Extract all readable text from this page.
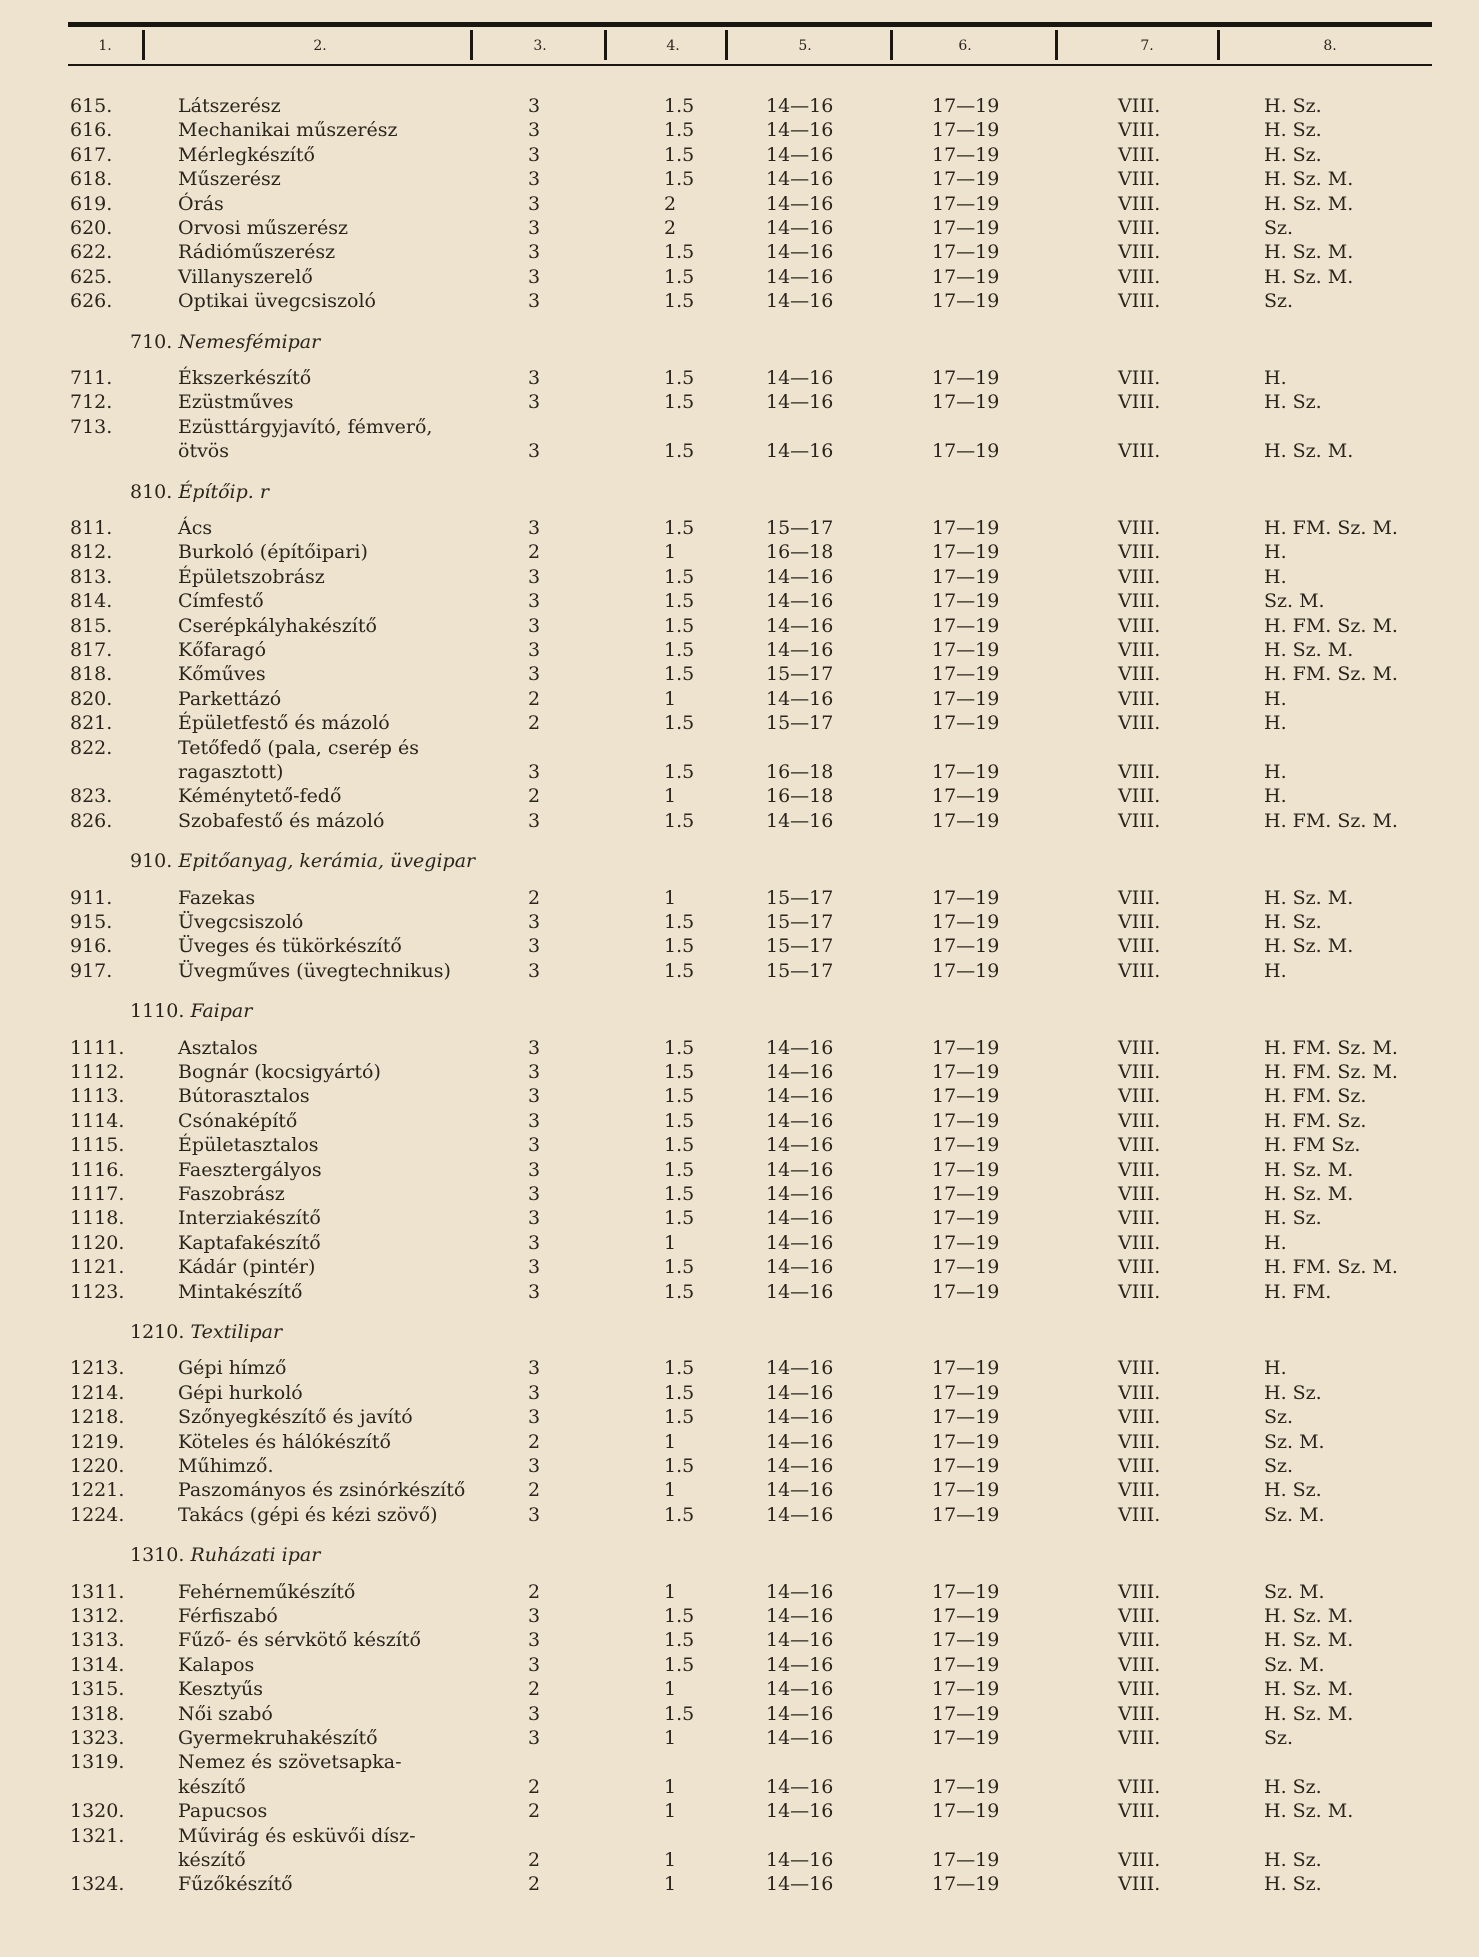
1.	2.	3.	4.	5.	6.	7.	8.
615.	Látszerész	3	1.5	14—16	17—19	VIII.	H. Sz.
616.	Mechanikai műszerész	3	1.5	14—16	17—19	VIII.	H. Sz.
617.	Mérlegkészítő	3	1.5	14—16	17—19	VIII.	H. Sz.
618.	Műszerész	3	1.5	14—16	17—19	VIII.	H. Sz. M.
619.	Órás	3	2	14—16	17—19	VIII.	H. Sz. M.
620.	Orvosi műszerész	3	2	14—16	17—19	VIII.	Sz.
622.	Rádióműszerész	3	1.5	14—16	17—19	VIII.	H. Sz. M.
625.	Villanyszerelő	3	1.5	14—16	17—19	VIII.	H. Sz. M.
626.	Optikai üvegcsiszoló	3	1.5	14—16	17—19	VIII.	Sz.
710. Nemesfémipar
711.	Ékszerkészítő	3	1.5	14—16	17—19	VIII.	H.
712.	Ezüstműves	3	1.5	14—16	17—19	VIII.	H. Sz.
713.	Ezüsttárgyjavító, fémverő,
ötvös	3	1.5	14—16	17—19	VIII.	H. Sz. M.
810. Építőip. r
811.	Ács	3	1.5	15—17	17—19	VIII.	H. FM. Sz. M.
812.	Burkoló (építőipari)	2	1	16—18	17—19	VIII.	H.
813.	Épületszobrász	3	1.5	14—16	17—19	VIII.	H.
814.	Címfestő	3	1.5	14—16	17—19	VIII.	Sz. M.
815.	Cserépkályhakészítő	3	1.5	14—16	17—19	VIII.	H. FM. Sz. M.
817.	Kőfaragó	3	1.5	14—16	17—19	VIII.	H. Sz. M.
818.	Kőműves	3	1.5	15—17	17—19	VIII.	H. FM. Sz. M.
820.	Parkettázó	2	1	14—16	17—19	VIII.	H.
821.	Épületfestő és mázoló	2	1.5	15—17	17—19	VIII.	H.
822.	Tetőfedő (pala, cserép és
ragasztott)	3	1.5	16—18	17—19	VIII.	H.
823.	Kéménytető-fedő	2	1	16—18	17—19	VIII.	H.
826.	Szobafestő és mázoló	3	1.5	14—16	17—19	VIII.	H. FM. Sz. M.
910. Epitőanyag, kerámia, üvegipar
911.	Fazekas	2	1	15—17	17—19	VIII.	H. Sz. M.
915.	Üvegcsiszoló	3	1.5	15—17	17—19	VIII.	H. Sz.
916.	Üveges és tükörkészítő	3	1.5	15—17	17—19	VIII.	H. Sz. M.
917.	Üvegműves (üvegtechnikus)	3	1.5	15—17	17—19	VIII.	H.
1110. Faipar
1111.	Asztalos	3	1.5	14—16	17—19	VIII.	H. FM. Sz. M.
1112.	Bognár (kocsigyártó)	3	1.5	14—16	17—19	VIII.	H. FM. Sz. M.
1113.	Bútorasztalos	3	1.5	14—16	17—19	VIII.	H. FM. Sz.
1114.	Csónaképítő	3	1.5	14—16	17—19	VIII.	H. FM. Sz.
1115.	Épületasztalos	3	1.5	14—16	17—19	VIII.	H. FM Sz.
1116.	Faesztergályos	3	1.5	14—16	17—19	VIII.	H. Sz. M.
1117.	Faszobrász	3	1.5	14—16	17—19	VIII.	H. Sz. M.
1118.	Interziakészítő	3	1.5	14—16	17—19	VIII.	H. Sz.
1120.	Kaptafakészítő	3	1	14—16	17—19	VIII.	H.
1121.	Kádár (pintér)	3	1.5	14—16	17—19	VIII.	H. FM. Sz. M.
1123.	Mintakészítő	3	1.5	14—16	17—19	VIII.	H. FM.
1210. Textilipar
1213.	Gépi hímző	3	1.5	14—16	17—19	VIII.	H.
1214.	Gépi hurkoló	3	1.5	14—16	17—19	VIII.	H. Sz.
1218.	Szőnyegkészítő és javító	3	1.5	14—16	17—19	VIII.	Sz.
1219.	Köteles és hálókészítő	2	1	14—16	17—19	VIII.	Sz. M.
1220.	Műhimző.	3	1.5	14—16	17—19	VIII.	Sz.
1221.	Paszományos és zsinórkészítő	2	1	14—16	17—19	VIII.	H. Sz.
1224.	Takács (gépi és kézi szövő)	3	1.5	14—16	17—19	VIII.	Sz. M.
1310. Ruházati ipar
1311.	Fehérneműkészítő	2	1	14—16	17—19	VIII.	Sz. M.
1312.	Férfiszabó	3	1.5	14—16	17—19	VIII.	H. Sz. M.
1313.	Fűző- és sérvkötő készítő	3	1.5	14—16	17—19	VIII.	H. Sz. M.
1314.	Kalapos	3	1.5	14—16	17—19	VIII.	Sz. M.
1315.	Kesztyűs	2	1	14—16	17—19	VIII.	H. Sz. M.
1318.	Női szabó	3	1.5	14—16	17—19	VIII.	H. Sz. M.
1323.	Gyermekruhakészítő	3	1	14—16	17—19	VIII.	Sz.
1319.	Nemez és szövetsapka-
készítő	2	1	14—16	17—19	VIII.	H. Sz.
1320.	Papucsos	2	1	14—16	17—19	VIII.	H. Sz. M.
1321.	Művirág és esküvői dísz-
készítő	2	1	14—16	17—19	VIII.	H. Sz.
1324.	Fűzőkészítő	2	1	14—16	17—19	VIII.	H. Sz.
